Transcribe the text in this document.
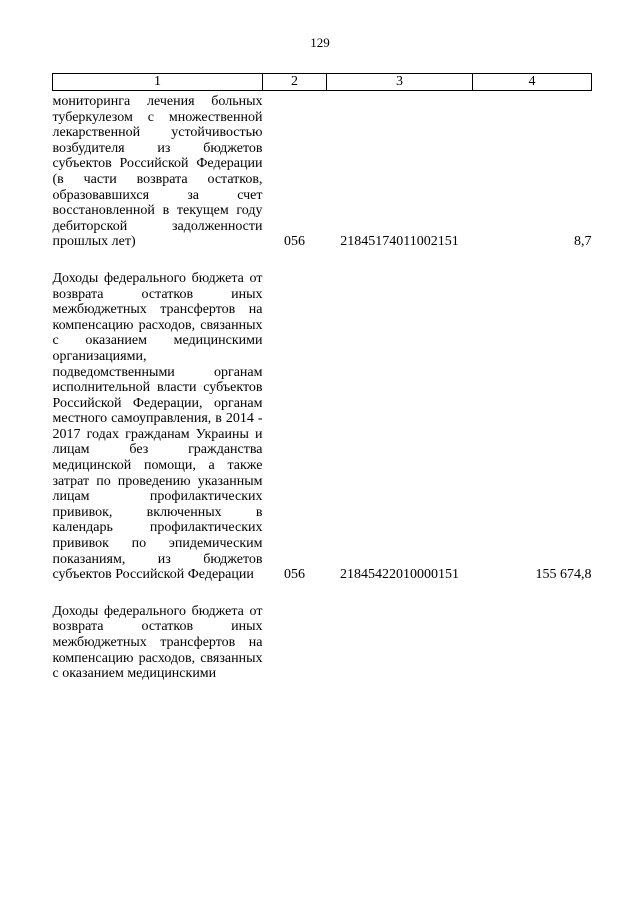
129
1	2	3	4
мониторинга лечения больных туберкулезом с множественной лекарственной устойчивостью возбудителя из бюджетов субъектов Российской Федерации (в части возврата остатков, образовавшихся за счет восстановленной в текущем году дебиторской задолженности прошлых лет)	056	21845174011002151	8,7
Доходы федерального бюджета от возврата остатков иных межбюджетных трансфертов на компенсацию расходов, связанных с оказанием медицинскими организациями, подведомственными органам исполнительной власти субъектов Российской Федерации, органам местного самоуправления, в 2014 - 2017 годах гражданам Украины и лицам без гражданства медицинской помощи, а также затрат по проведению указанным лицам профилактических прививок, включенных в календарь профилактических прививок по эпидемическим показаниям, из бюджетов субъектов Российской Федерации	056	21845422010000151	155 674,8
Доходы федерального бюджета от возврата остатков иных межбюджетных трансфертов на компенсацию расходов, связанных с оказанием медицинскими			
